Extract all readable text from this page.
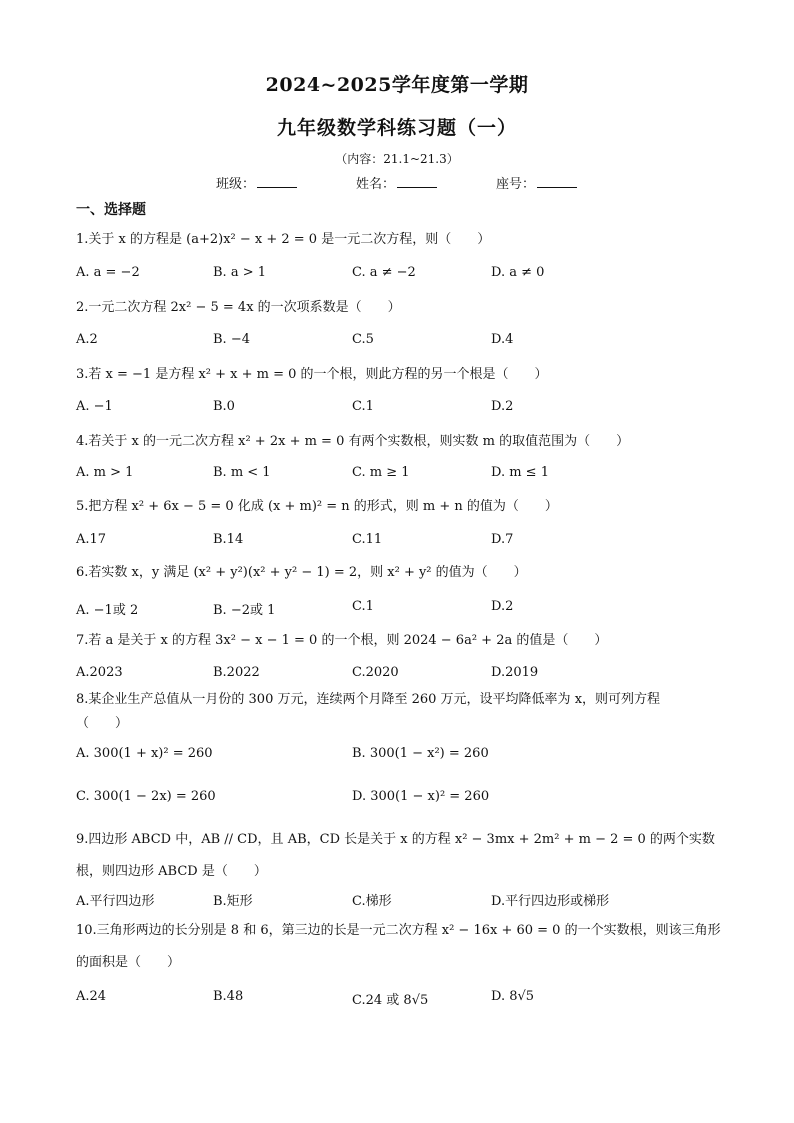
2024~2025学年度第一学期
九年级数学科练习题（一）
（内容：21.1~21.3）
班级：	姓名：	座号：
一、选择题
1.关于 x 的方程是 (a+2)x² − x + 2 = 0 是一元二次方程，则（　　）
A. a = −2	B. a > 1	C. a ≠ −2	D. a ≠ 0
2.一元二次方程 2x² − 5 = 4x 的一次项系数是（　　）
A.2	B. −4	C.5	D.4
3.若 x = −1 是方程 x² + x + m = 0 的一个根，则此方程的另一个根是（　　）
A. −1	B.0	C.1	D.2
4.若关于 x 的一元二次方程 x² + 2x + m = 0 有两个实数根，则实数 m 的取值范围为（　　）
A. m > 1	B. m < 1	C. m ≥ 1	D. m ≤ 1
5.把方程 x² + 6x − 5 = 0 化成 (x + m)² = n 的形式，则 m + n 的值为（　　）
A.17	B.14	C.11	D.7
6.若实数 x，y 满足 (x² + y²)(x² + y² − 1) = 2，则 x² + y² 的值为（　　）
A. −1或 2	B. −2或 1	C.1	D.2
7.若 a 是关于 x 的方程 3x² − x − 1 = 0 的一个根，则 2024 − 6a² + 2a 的值是（　　）
A.2023	B.2022	C.2020	D.2019
8.某企业生产总值从一月份的 300 万元，连续两个月降至 260 万元，设平均降低率为 x，则可列方程（　　）
A. 300(1 + x)² = 260	B. 300(1 − x²) = 260
C. 300(1 − 2x) = 260	D. 300(1 − x)² = 260
9.四边形 ABCD 中，AB // CD，且 AB，CD 长是关于 x 的方程 x² − 3mx + 2m² + m − 2 = 0 的两个实数根，则四边形 ABCD 是（　　）
A.平行四边形	B.矩形	C.梯形	D.平行四边形或梯形
10.三角形两边的长分别是 8 和 6，第三边的长是一元二次方程 x² − 16x + 60 = 0 的一个实数根，则该三角形的面积是（　　）
A.24	B.48	C.24 或 8√5	D. 8√5
